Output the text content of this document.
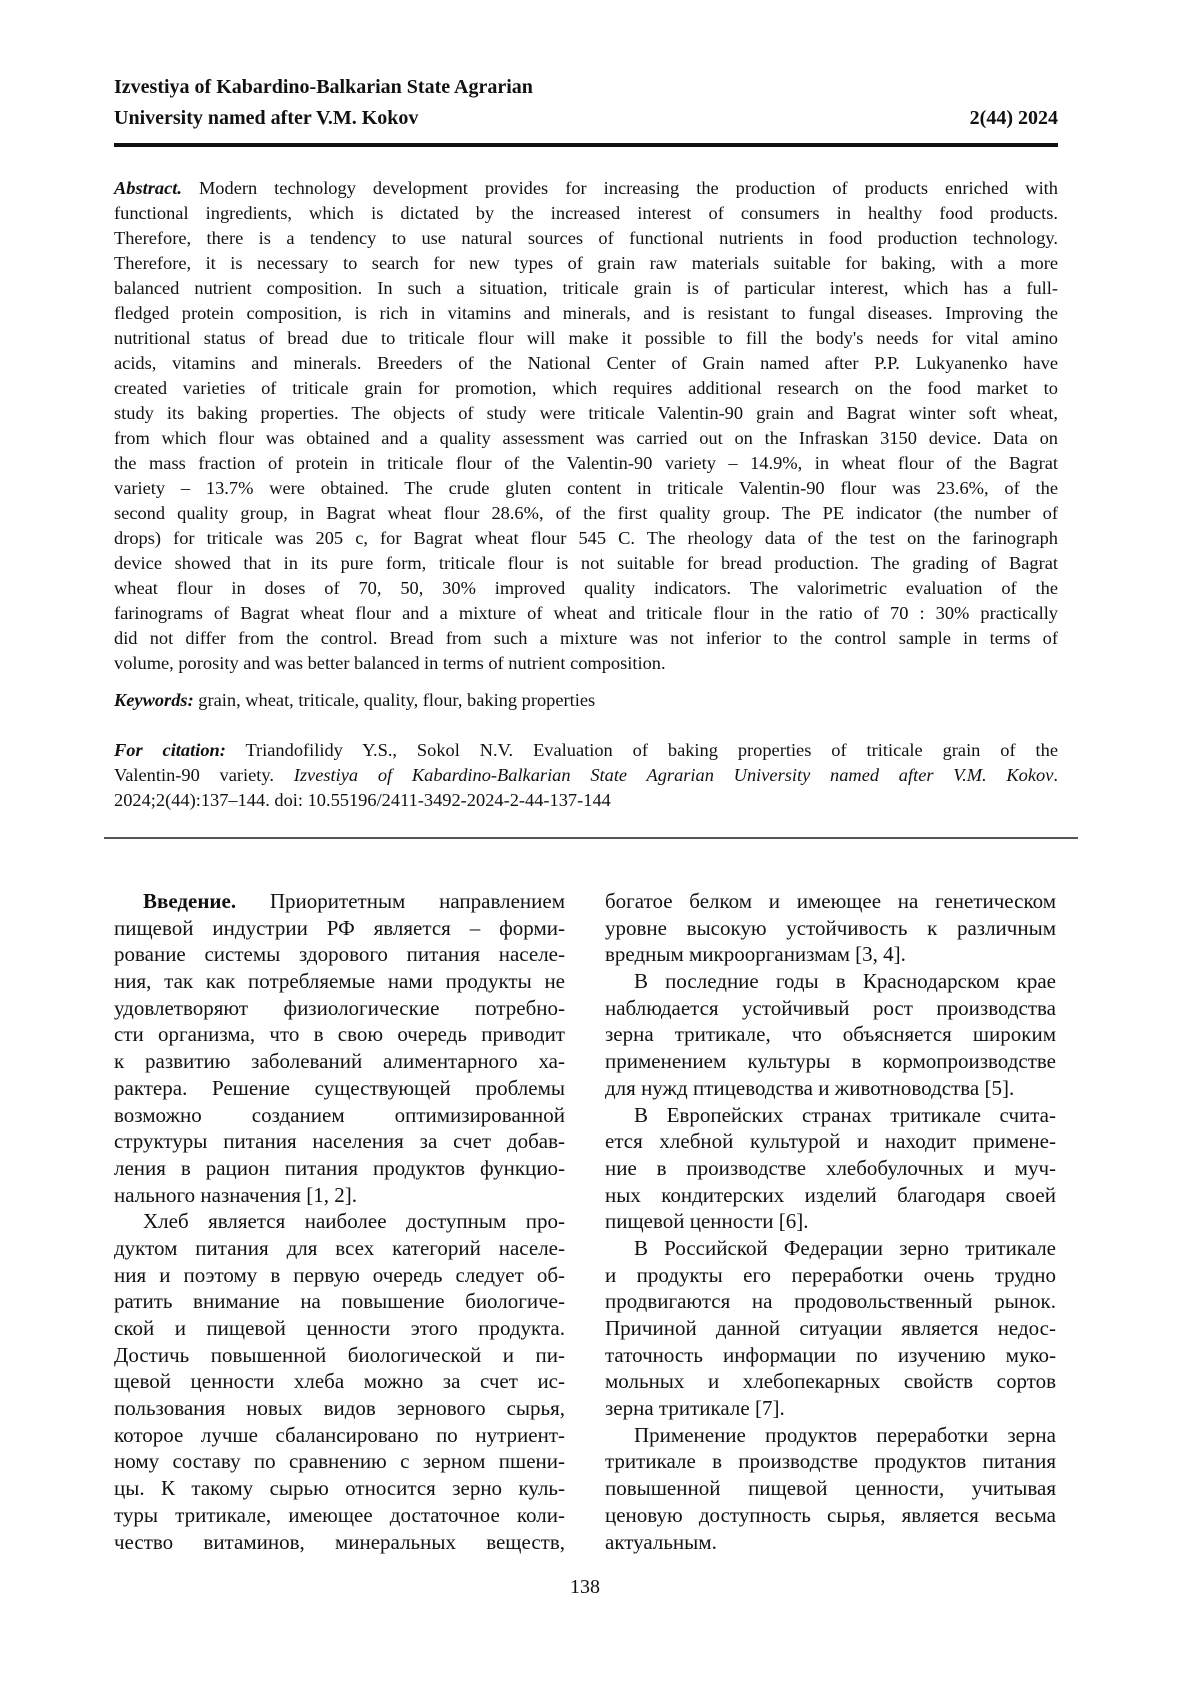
Izvestiya of Kabardino-Balkarian State Agrarian
University named after V.M. Kokov	2(44) 2024
Abstract. Modern technology development provides for increasing the production of products enriched with
functional ingredients, which is dictated by the increased interest of consumers in healthy food products.
Therefore, there is a tendency to use natural sources of functional nutrients in food production technology.
Therefore, it is necessary to search for new types of grain raw materials suitable for baking, with a more
balanced nutrient composition. In such a situation, triticale grain is of particular interest, which has a full-
fledged protein composition, is rich in vitamins and minerals, and is resistant to fungal diseases. Improving the
nutritional status of bread due to triticale flour will make it possible to fill the body's needs for vital amino
acids, vitamins and minerals. Breeders of the National Center of Grain named after P.P. Lukyanenko have
created varieties of triticale grain for promotion, which requires additional research on the food market to
study its baking properties. The objects of study were triticale Valentin-90 grain and Bagrat winter soft wheat,
from which flour was obtained and a quality assessment was carried out on the Infraskan 3150 device. Data on
the mass fraction of protein in triticale flour of the Valentin-90 variety – 14.9%, in wheat flour of the Bagrat
variety – 13.7% were obtained. The crude gluten content in triticale Valentin-90 flour was 23.6%, of the
second quality group, in Bagrat wheat flour 28.6%, of the first quality group. The PE indicator (the number of
drops) for triticale was 205 c, for Bagrat wheat flour 545 C. The rheology data of the test on the farinograph
device showed that in its pure form, triticale flour is not suitable for bread production. The grading of Bagrat
wheat flour in doses of 70, 50, 30% improved quality indicators. The valorimetric evaluation of the
farinograms of Bagrat wheat flour and a mixture of wheat and triticale flour in the ratio of 70 : 30% practically
did not differ from the control. Bread from such a mixture was not inferior to the control sample in terms of
volume, porosity and was better balanced in terms of nutrient composition.
Keywords: grain, wheat, triticale, quality, flour, baking properties
For citation: Triandofilidy Y.S., Sokol N.V. Evaluation of baking properties of triticale grain of the
Valentin-90 variety. Izvestiya of Kabardino-Balkarian State Agrarian University named after V.M. Kokov.
2024;2(44):137–144. doi: 10.55196/2411-3492-2024-2-44-137-144
Введение. Приоритетным направлением
пищевой индустрии РФ является – форми-
рование системы здорового питания населе-
ния, так как потребляемые нами продукты не
удовлетворяют физиологические потребно-
сти организма, что в свою очередь приводит
к развитию заболеваний алиментарного ха-
рактера. Решение существующей проблемы
возможно созданием оптимизированной
структуры питания населения за счет добав-
ления в рацион питания продуктов функцио-
нального назначения [1, 2].
Хлеб является наиболее доступным про-
дуктом питания для всех категорий населе-
ния и поэтому в первую очередь следует об-
ратить внимание на повышение биологиче-
ской и пищевой ценности этого продукта.
Достичь повышенной биологической и пи-
щевой ценности хлеба можно за счет ис-
пользования новых видов зернового сырья,
которое лучше сбалансировано по нутриент-
ному составу по сравнению с зерном пшени-
цы. К такому сырью относится зерно куль-
туры тритикале, имеющее достаточное коли-
чество витаминов, минеральных веществ,
богатое белком и имеющее на генетическом
уровне высокую устойчивость к различным
вредным микроорганизмам [3, 4].
В последние годы в Краснодарском крае
наблюдается устойчивый рост производства
зерна тритикале, что объясняется широким
применением культуры в кормопроизводстве
для нужд птицеводства и животноводства [5].
В Европейских странах тритикале счита-
ется хлебной культурой и находит примене-
ние в производстве хлебобулочных и муч-
ных кондитерских изделий благодаря своей
пищевой ценности [6].
В Российской Федерации зерно тритикале
и продукты его переработки очень трудно
продвигаются на продовольственный рынок.
Причиной данной ситуации является недос-
таточность информации по изучению муко-
мольных и хлебопекарных свойств сортов
зерна тритикале [7].
Применение продуктов переработки зерна
тритикале в производстве продуктов питания
повышенной пищевой ценности, учитывая
ценовую доступность сырья, является весьма
актуальным.
138
